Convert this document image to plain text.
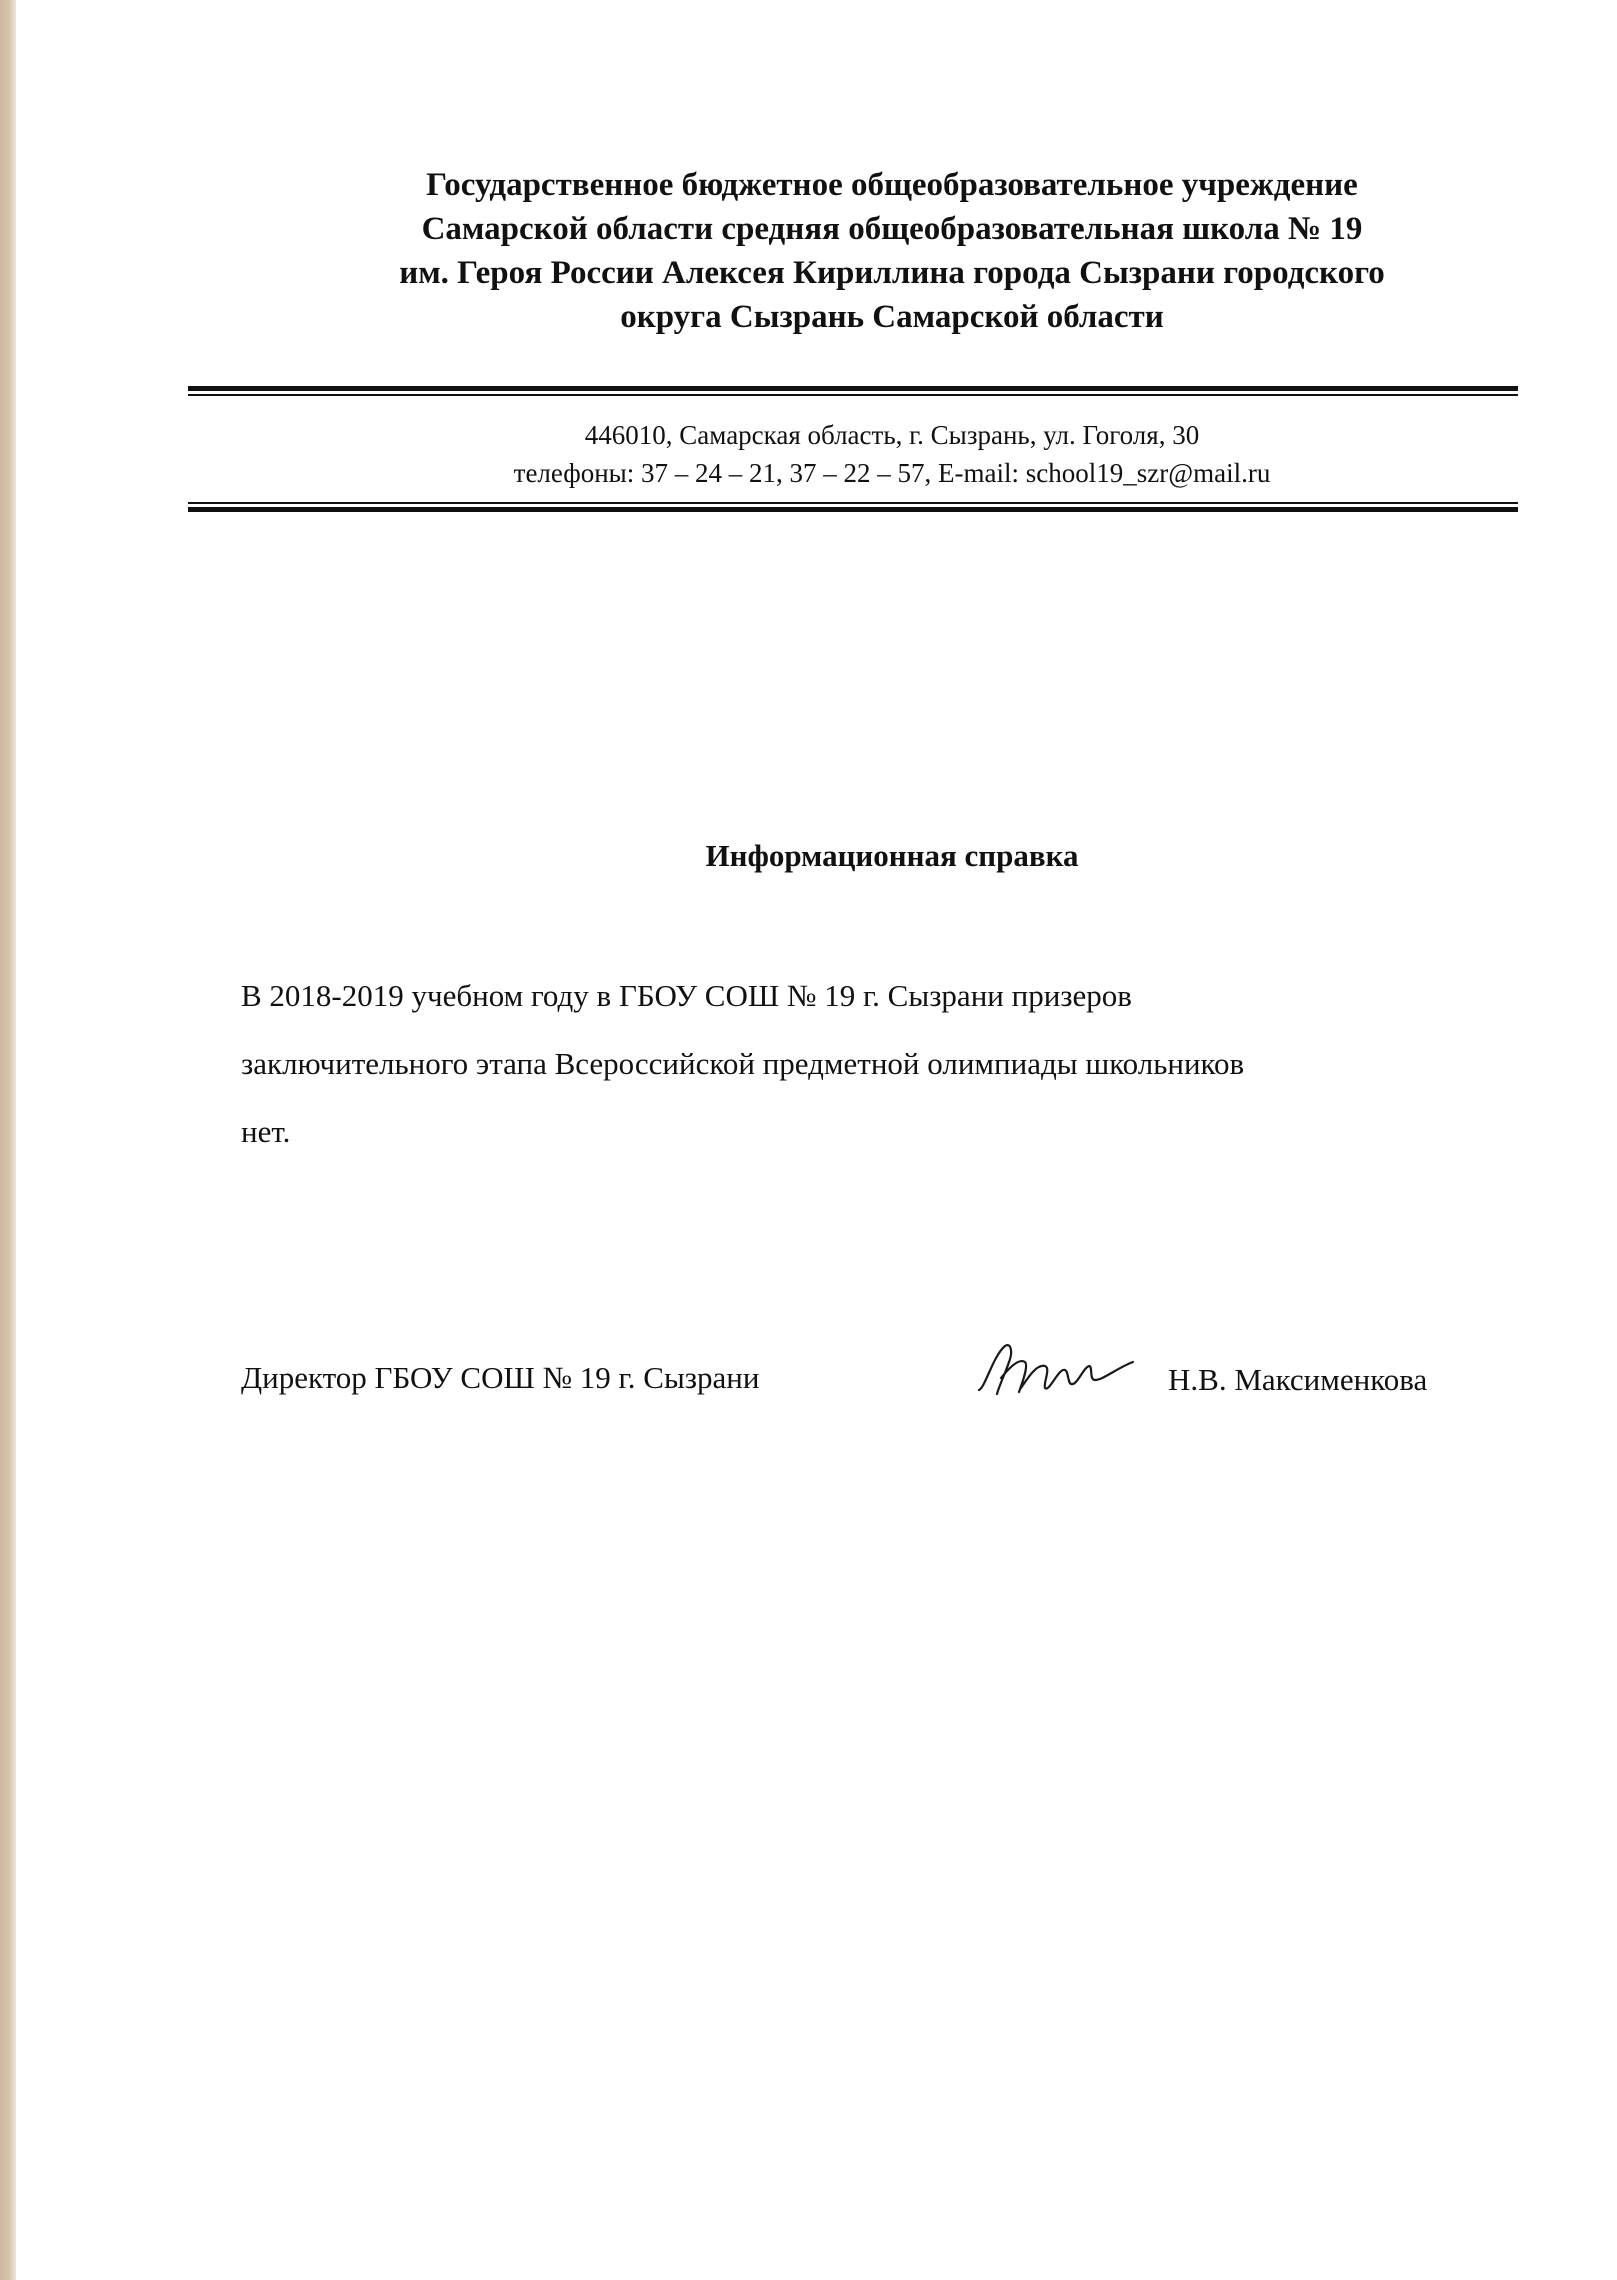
Государственное бюджетное общеобразовательное учреждение
Самарской области средняя общеобразовательная школа № 19
им. Героя России Алексея Кириллина города Сызрани городского
округа Сызрань Самарской области
446010, Самарская область, г. Сызрань, ул. Гоголя, 30
телефоны: 37 – 24 – 21, 37 – 22 – 57, E-mail: school19_szr@mail.ru
Информационная справка
В 2018-2019 учебном году в ГБОУ СОШ № 19 г. Сызрани призеров
заключительного этапа Всероссийской предметной олимпиады школьников
нет.
Директор ГБОУ СОШ № 19 г. Сызрани	Н.В. Максименкова
